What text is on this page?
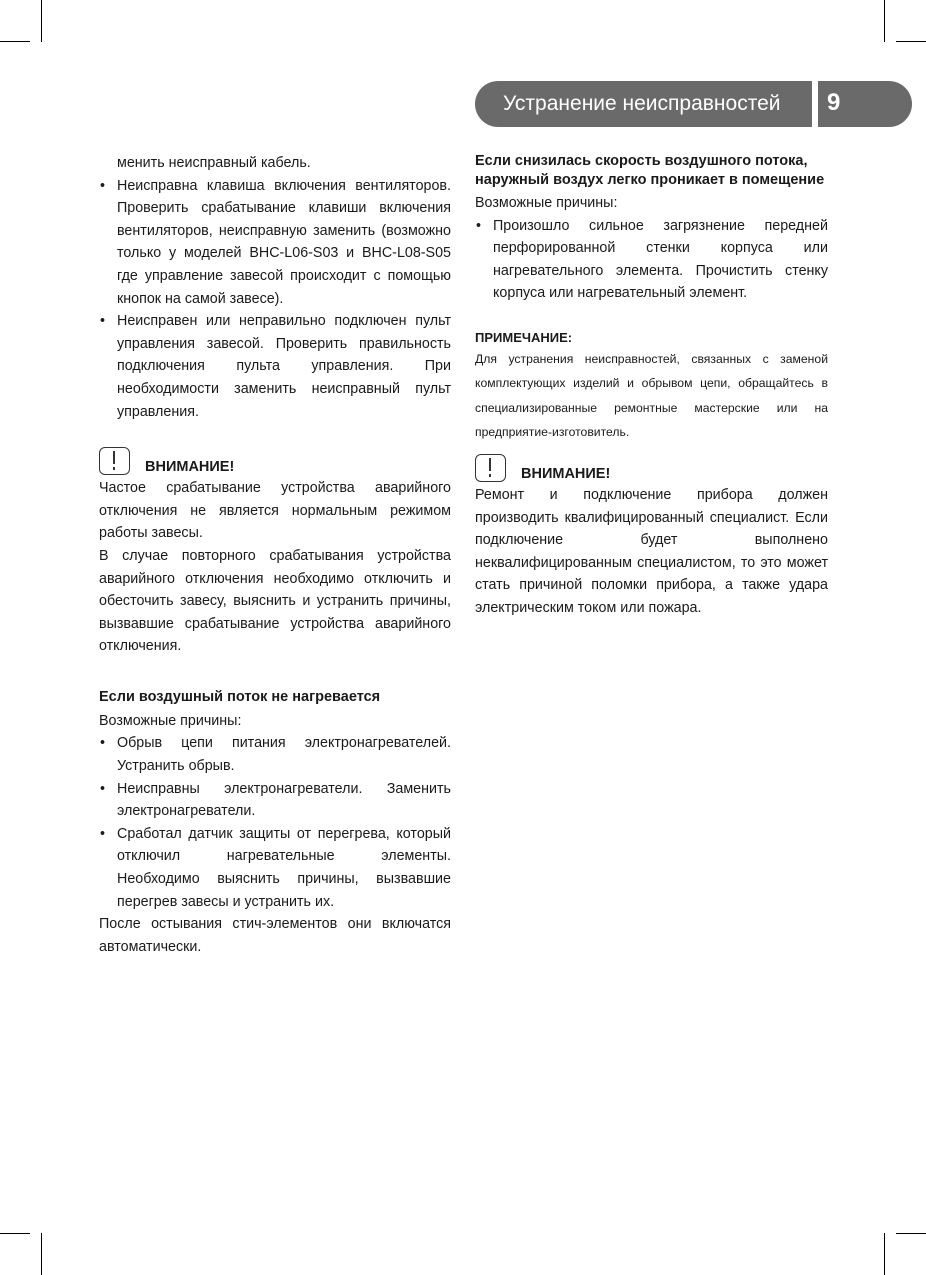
Устранение неисправностей 9

менить неисправный кабель.

• Неисправна клавиша включения вентиляторов. Проверить срабатывание клавиши включения вентиляторов, неисправную заменить (возможно только у моделей BHC-L06-S03 и BHC-L08-S05 где управление завесой происходит с помощью кнопок на самой завесе).
• Неисправен или неправильно подключен пульт управления завесой. Проверить правильность подключения пульта управления. При необходимости заменить неисправный пульт управления.
ВНИМАНИЕ!

Частое срабатывание устройства аварийного отключения не является нормальным режимом работы завесы.

В случае повторного срабатывания устройства аварийного отключения необходимо отключить и обесточить завесу, выяснить и устранить причины, вызвавшие срабатывание устройства аварийного отключения.

Если воздушный поток не нагревается

Возможные причины:

• Обрыв цепи питания электронагревателей. Устранить обрыв.
• Неисправны электронагреватели. Заменить электронагреватели.
• Сработал датчик защиты от перегрева, который отключил нагревательные элементы. Необходимо выяснить причины, вызвавшие перегрев завесы и устранить их.

После остывания стич-элементов они включатся автоматически.

Если снизилась скорость воздушного потока, наружный воздух легко проникает в помещение

Возможные причины:

• Произошло сильное загрязнение передней перфорированной стенки корпуса или нагревательного элемента. Прочистить стенку корпуса или нагревательный элемент.

ПРИМЕЧАНИЕ:

Для устранения неисправностей, связанных с заменой комплектующих изделий и обрывом цепи, обращайтесь в специализированные ремонтные мастерские или на предприятие-изготовитель.

ВНИМАНИЕ!

Ремонт и подключение прибора должен производить квалифицированный специалист. Если подключение будет выполнено неквалифицированным специалистом, то это может стать причиной поломки прибора, а также удара электрическим током или пожара.
